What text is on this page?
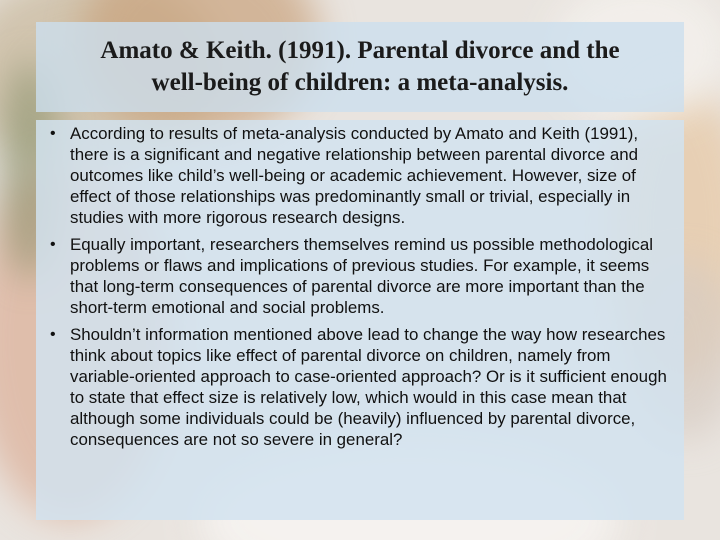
Amato & Keith. (1991). Parental divorce and the well-being of children: a meta-analysis.
• According to results of meta-analysis conducted by Amato and Keith (1991), there is a significant and negative relationship between parental divorce and outcomes like child’s well-being or academic achievement. However, size of effect of those relationships was predominantly small or trivial, especially in studies with more rigorous research designs.
• Equally important, researchers themselves remind us possible methodological problems or flaws and implications of previous studies. For example, it seems that long-term consequences of parental divorce are more important than the short-term emotional and social problems.
• Shouldn’t information mentioned above lead to change the way how researches think about topics like effect of parental divorce on children, namely from variable-oriented approach to case-oriented approach? Or is it sufficient enough to state that effect size is relatively low, which would in this case mean that although some individuals could be (heavily) influenced by parental divorce, consequences are not so severe in general?
